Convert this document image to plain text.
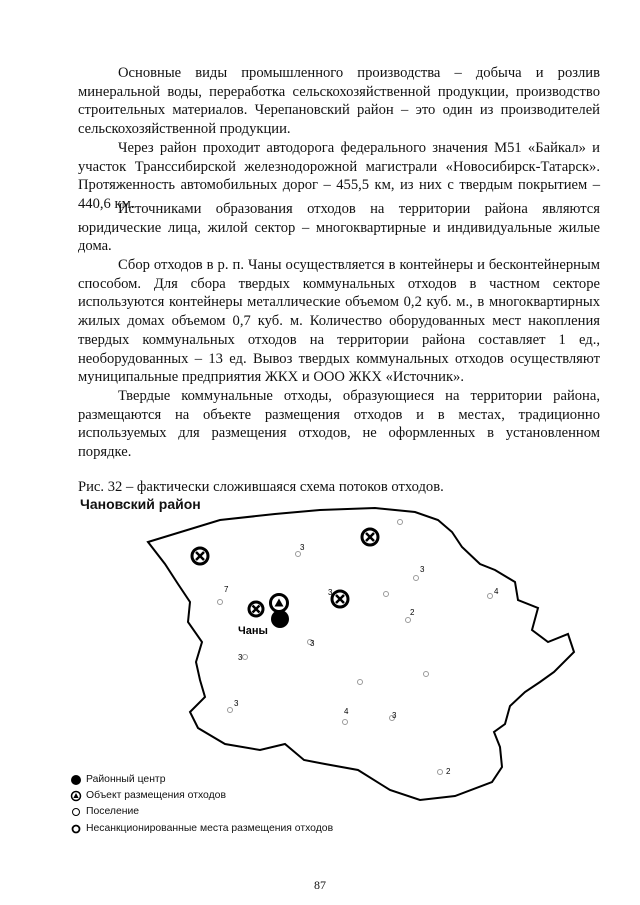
Основные виды промышленного производства – добыча и розлив минеральной воды, переработка сельскохозяйственной продукции, производство строительных материалов. Черепановский район – это один из производителей сельскохозяйственной продукции.

Через район проходит автодорога федерального значения М51 «Байкал» и участок Транссибирской железнодорожной магистрали «Новосибирск-Татарск». Протяженность автомобильных дорог – 455,5 км, из них с твердым покрытием – 440,6 км.

Источниками образования отходов на территории района являются юридические лица, жилой сектор – многоквартирные и индивидуальные жилые дома.

Сбор отходов в р. п. Чаны осуществляется в контейнеры и бесконтейнерным способом. Для сбора твердых коммунальных отходов в частном секторе используются контейнеры металлические объемом 0,2 куб. м., в многоквартирных жилых домах объемом 0,7 куб. м. Количество оборудованных мест накопления твердых коммунальных отходов на территории района составляет 1 ед., необорудованных – 13 ед. Вывоз твердых коммунальных отходов осуществляют муниципальные предприятия ЖКХ и ООО ЖКХ «Источник».

Твердые коммунальные отходы, образующиеся на территории района, размещаются на объекте размещения отходов и в местах, традиционно используемых для размещения отходов, не оформленных в установленном порядке.

Рис. 32 – фактически сложившаяся схема потоков отходов.

Чановский район
Чаны
3
3
7	3
2
4
3
3
3
4	3
2
Районный центр
Объект размещения отходов
Поселение
Несанкционированные места размещения отходов
87
